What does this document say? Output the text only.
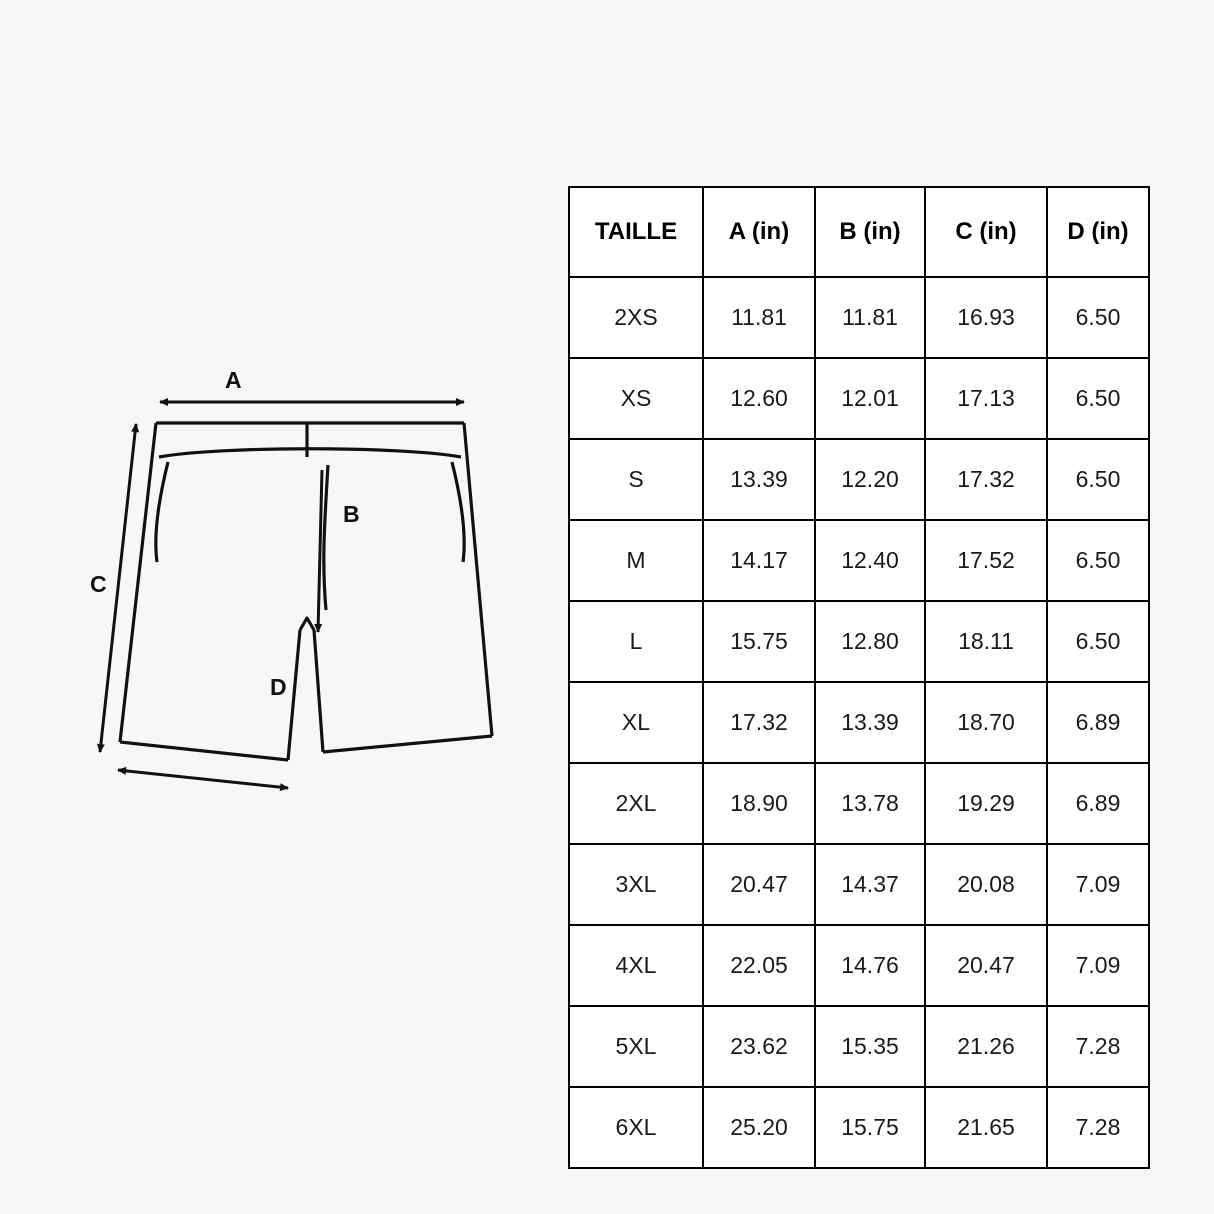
A
B
C
D
TAILLE	A (in)	B (in)	C (in)	D (in)
2XS	11.81	11.81	16.93	6.50
XS	12.60	12.01	17.13	6.50
S	13.39	12.20	17.32	6.50
M	14.17	12.40	17.52	6.50
L	15.75	12.80	18.11	6.50
XL	17.32	13.39	18.70	6.89
2XL	18.90	13.78	19.29	6.89
3XL	20.47	14.37	20.08	7.09
4XL	22.05	14.76	20.47	7.09
5XL	23.62	15.35	21.26	7.28
6XL	25.20	15.75	21.65	7.28
